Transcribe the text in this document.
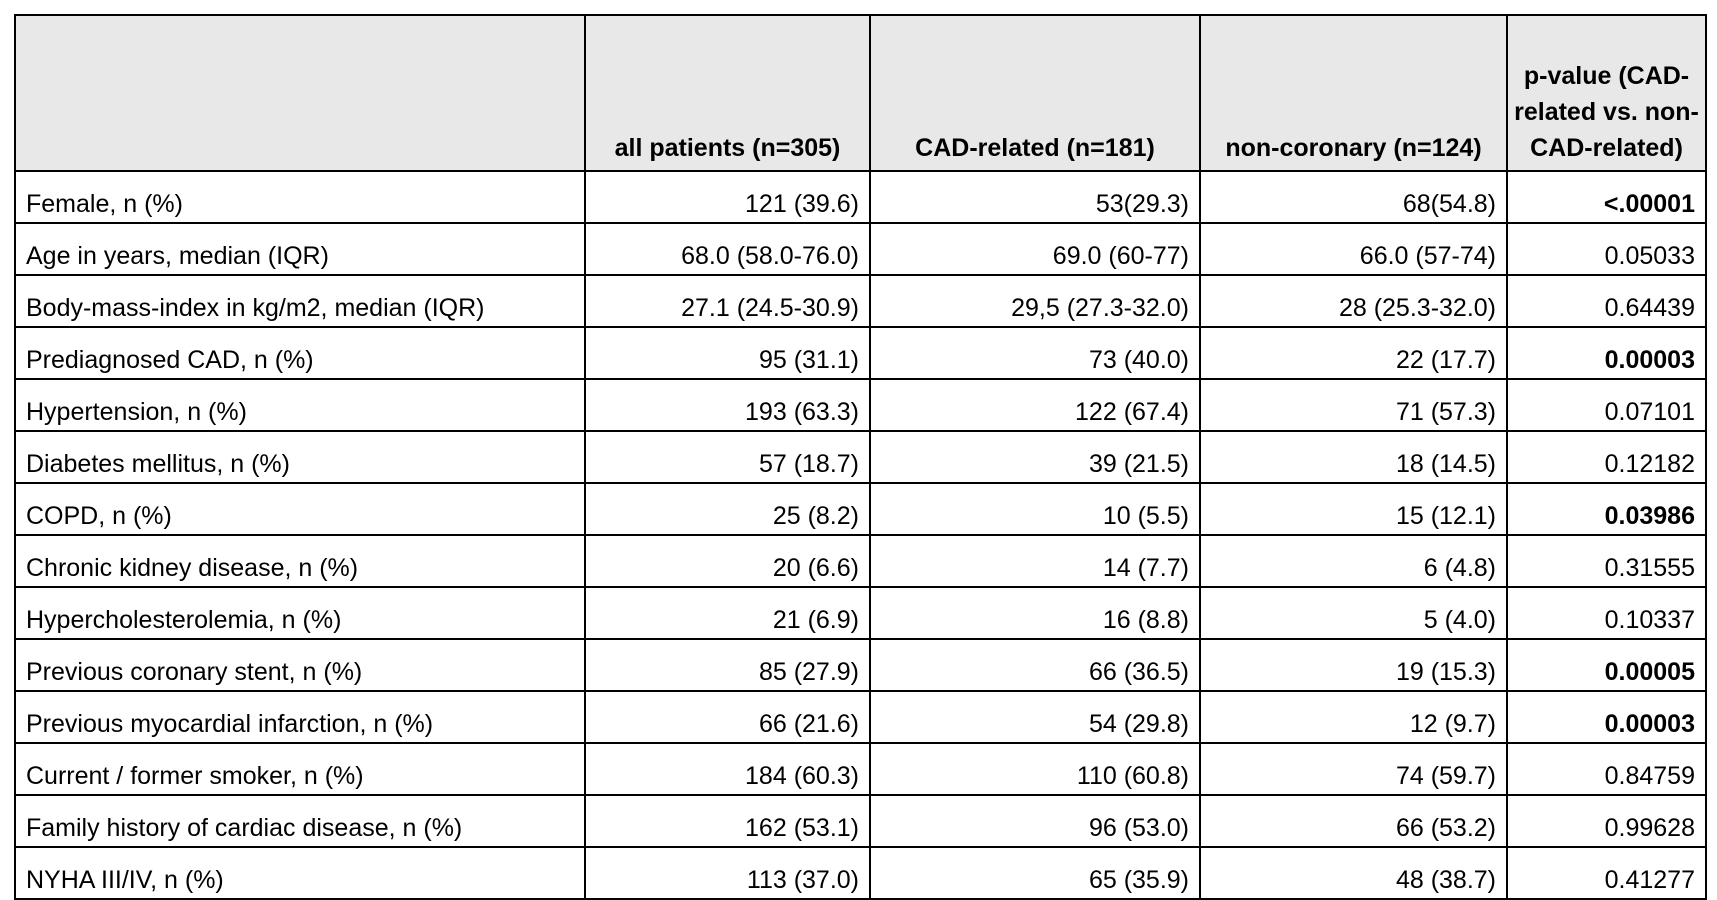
	all patients (n=305)	CAD-related (n=181)	non-coronary (n=124)	p-value (CAD-related vs. non-CAD-related)
Female, n (%)	121 (39.6)	53(29.3)	68(54.8)	<.00001
Age in years, median (IQR)	68.0 (58.0-76.0)	69.0 (60-77)	66.0 (57-74)	0.05033
Body-mass-index in kg/m2, median (IQR)	27.1 (24.5-30.9)	29,5 (27.3-32.0)	28 (25.3-32.0)	0.64439
Prediagnosed CAD, n (%)	95 (31.1)	73 (40.0)	22 (17.7)	0.00003
Hypertension, n (%)	193 (63.3)	122 (67.4)	71 (57.3)	0.07101
Diabetes mellitus, n (%)	57 (18.7)	39 (21.5)	18 (14.5)	0.12182
COPD, n (%)	25 (8.2)	10 (5.5)	15 (12.1)	0.03986
Chronic kidney disease, n (%)	20 (6.6)	14 (7.7)	6 (4.8)	0.31555
Hypercholesterolemia, n (%)	21 (6.9)	16 (8.8)	5 (4.0)	0.10337
Previous coronary stent, n (%)	85 (27.9)	66 (36.5)	19 (15.3)	0.00005
Previous myocardial infarction, n (%)	66 (21.6)	54 (29.8)	12 (9.7)	0.00003
Current / former smoker, n (%)	184 (60.3)	110 (60.8)	74 (59.7)	0.84759
Family history of cardiac disease, n (%)	162 (53.1)	96 (53.0)	66 (53.2)	0.99628
NYHA III/IV, n (%)	113 (37.0)	65 (35.9)	48 (38.7)	0.41277
